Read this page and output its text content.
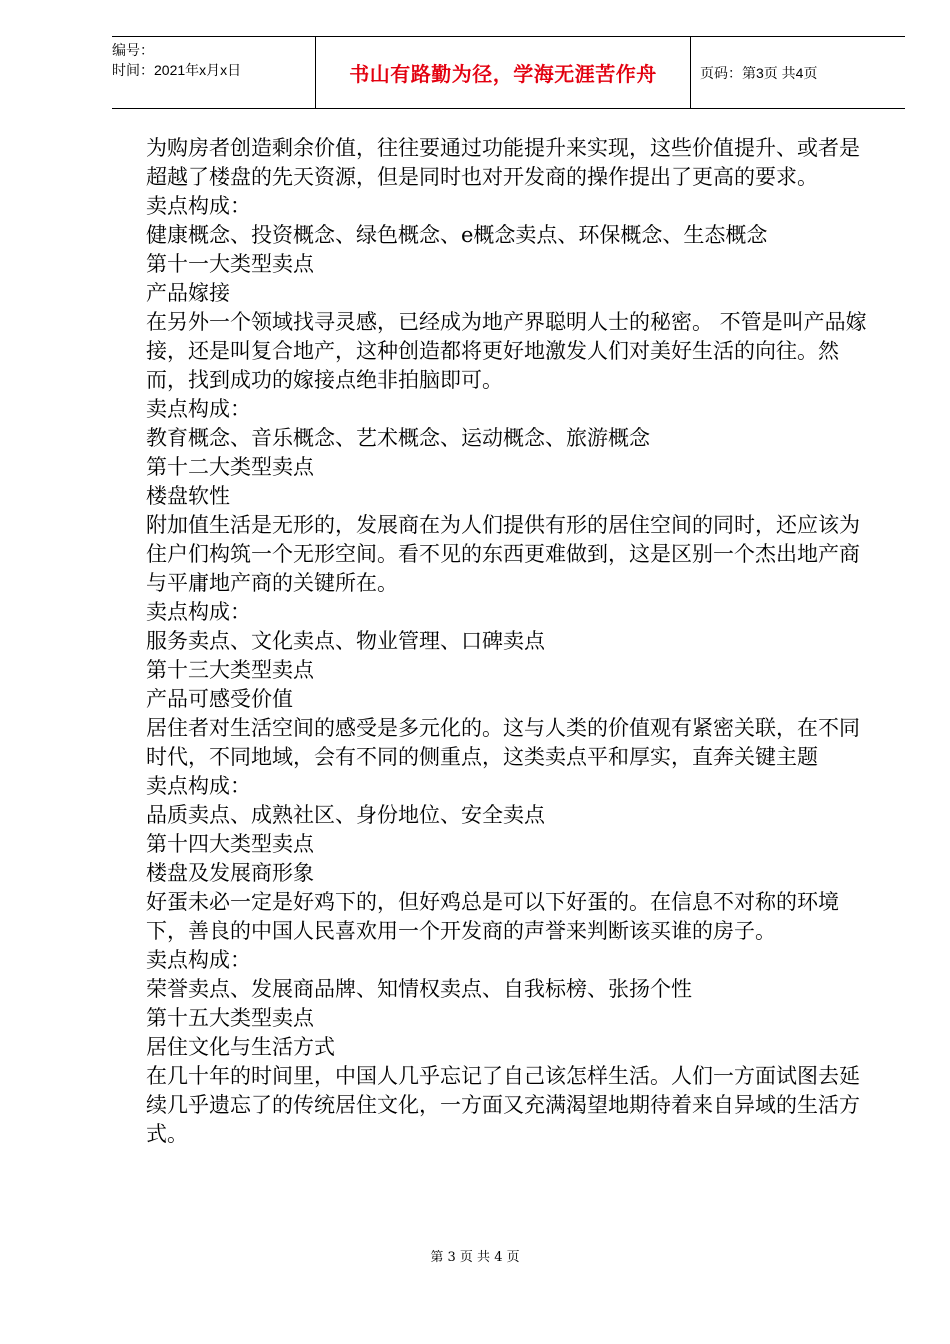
编号：
时间：2021年x月x日	书山有路勤为径，学海无涯苦作舟	页码：第3页 共4页

为购房者创造剩余价值，往往要通过功能提升来实现，这些价值提升、或者是超越了楼盘的先天资源，但是同时也对开发商的操作提出了更高的要求。

卖点构成：

健康概念、投资概念、绿色概念、e概念卖点、环保概念、生态概念

第十一大类型卖点

产品嫁接

在另外一个领域找寻灵感，已经成为地产界聪明人士的秘密。 不管是叫产品嫁接，还是叫复合地产，这种创造都将更好地激发人们对美好生活的向往。然而，找到成功的嫁接点绝非拍脑即可。

卖点构成：

教育概念、音乐概念、艺术概念、运动概念、旅游概念

第十二大类型卖点

楼盘软性

附加值生活是无形的，发展商在为人们提供有形的居住空间的同时，还应该为住户们构筑一个无形空间。看不见的东西更难做到，这是区别一个杰出地产商与平庸地产商的关键所在。

卖点构成：

服务卖点、文化卖点、物业管理、口碑卖点

第十三大类型卖点

产品可感受价值

居住者对生活空间的感受是多元化的。这与人类的价值观有紧密关联，在不同时代，不同地域，会有不同的侧重点，这类卖点平和厚实，直奔关键主题

卖点构成：

品质卖点、成熟社区、身份地位、安全卖点

第十四大类型卖点

楼盘及发展商形象

好蛋未必一定是好鸡下的，但好鸡总是可以下好蛋的。在信息不对称的环境下，善良的中国人民喜欢用一个开发商的声誉来判断该买谁的房子。

卖点构成：

荣誉卖点、发展商品牌、知情权卖点、自我标榜、张扬个性

第十五大类型卖点

居住文化与生活方式

在几十年的时间里，中国人几乎忘记了自己该怎样生活。人们一方面试图去延续几乎遗忘了的传统居住文化，一方面又充满渴望地期待着来自异域的生活方式。

第 3 页 共 4 页
